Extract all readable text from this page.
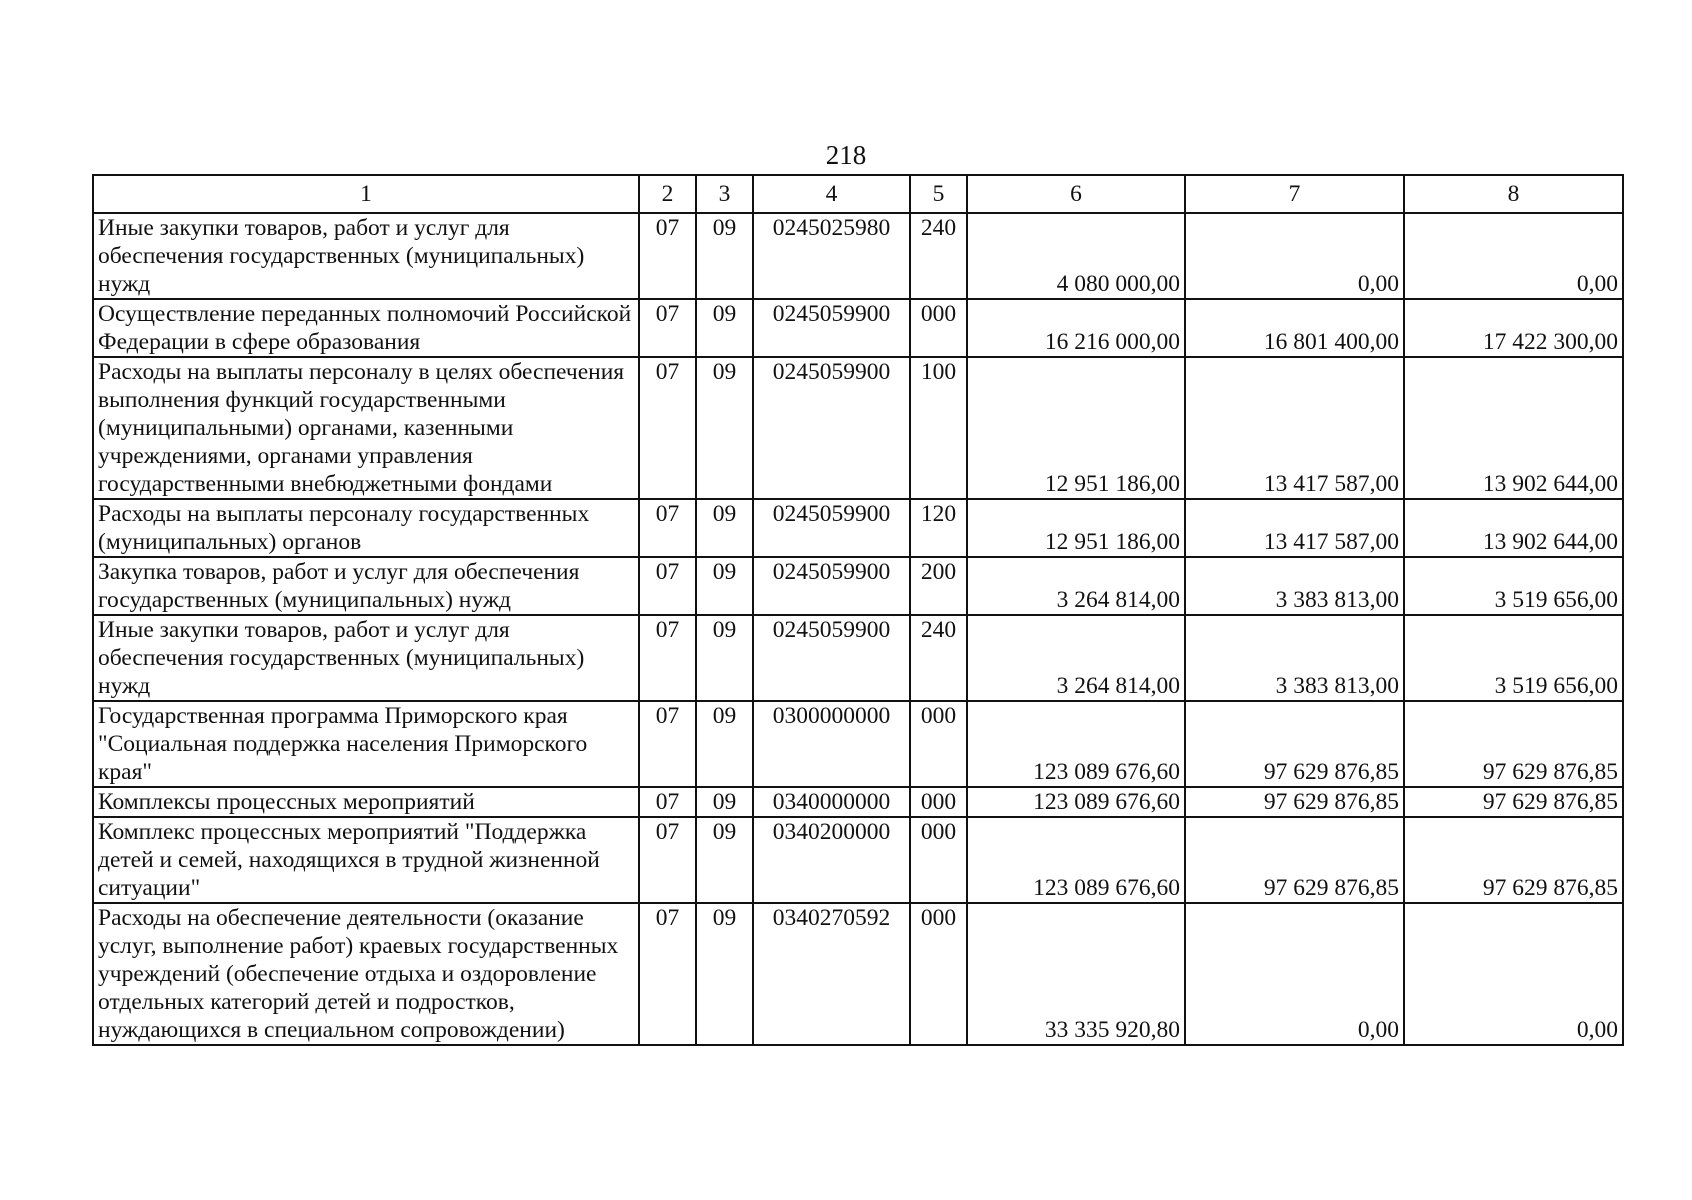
218
1	2	3	4	5	6	7	8
Иные закупки товаров, работ и услуг для обеспечения государственных (муниципальных) нужд	07	09	0245025980	240	4 080 000,00	0,00	0,00
Осуществление переданных полномочий Российской Федерации в сфере образования	07	09	0245059900	000	16 216 000,00	16 801 400,00	17 422 300,00
Расходы на выплаты персоналу в целях обеспечения выполнения функций государственными (муниципальными) органами, казенными учреждениями, органами управления государственными внебюджетными фондами	07	09	0245059900	100	12 951 186,00	13 417 587,00	13 902 644,00
Расходы на выплаты персоналу государственных (муниципальных) органов	07	09	0245059900	120	12 951 186,00	13 417 587,00	13 902 644,00
Закупка товаров, работ и услуг для обеспечения государственных (муниципальных) нужд	07	09	0245059900	200	3 264 814,00	3 383 813,00	3 519 656,00
Иные закупки товаров, работ и услуг для обеспечения государственных (муниципальных) нужд	07	09	0245059900	240	3 264 814,00	3 383 813,00	3 519 656,00
Государственная программа Приморского края "Социальная поддержка населения Приморского края"	07	09	0300000000	000	123 089 676,60	97 629 876,85	97 629 876,85
Комплексы процессных мероприятий	07	09	0340000000	000	123 089 676,60	97 629 876,85	97 629 876,85
Комплекс процессных мероприятий "Поддержка детей и семей, находящихся в трудной жизненной ситуации"	07	09	0340200000	000	123 089 676,60	97 629 876,85	97 629 876,85
Расходы на обеспечение деятельности (оказание услуг, выполнение работ) краевых государственных учреждений (обеспечение отдыха и оздоровление отдельных категорий детей и подростков, нуждающихся в специальном сопровождении)	07	09	0340270592	000	33 335 920,80	0,00	0,00
